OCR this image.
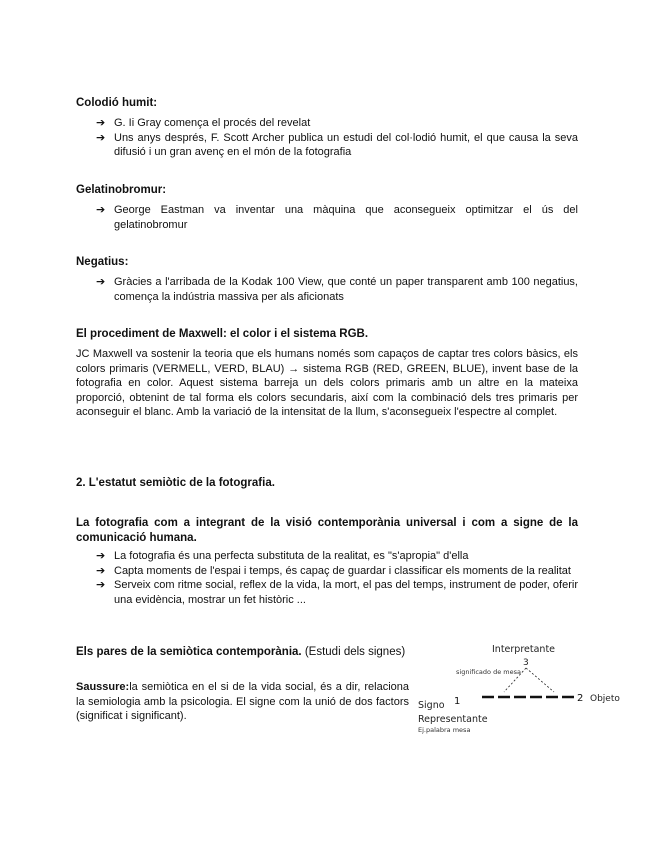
Colodió humit:

➔ G. Ii Gray comença el procés del revelat
➔ Uns anys després, F. Scott Archer publica un estudi del col·lodió humit, el que causa la seva difusió i un gran avenç en el món de la fotografia

Gelatinobromur:

➔ George Eastman va inventar una màquina que aconsegueix optimitzar el ús del gelatinobromur

Negatius:

➔ Gràcies a l'arribada de la Kodak 100 View, que conté un paper transparent amb 100 negatius, comença la indústria massiva per als aficionats

El procediment de Maxwell: el color i el sistema RGB.

JC Maxwell va sostenir la teoria que els humans només som capaços de captar tres colors bàsics, els colors primaris (VERMELL, VERD, BLAU) → sistema RGB (RED, GREEN, BLUE), invent base de la fotografia en color. Aquest sistema barreja un dels colors primaris amb un altre en la mateixa proporció, obtenint de tal forma els colors secundaris, així com la combinació dels tres primaris per aconseguir el blanc. Amb la variació de la intensitat de la llum, s'aconsegueix l'espectre al complet.

2. L'estatut semiòtic de la fotografia.

La fotografia com a integrant de la visió contemporània universal i com a signe de la comunicació humana.

➔ La fotografia és una perfecta substituta de la realitat, es "s'apropia" d'ella
➔ Capta moments de l'espai i temps, és capaç de guardar i classificar els moments de la realitat
➔ Serveix com ritme social, reflex de la vida, la mort, el pas del temps, instrument de poder, oferir una evidència, mostrar un fet històric ...

Els pares de la semiòtica contemporània. (Estudi dels signes)

Saussure:la semiòtica en el si de la vida social, és a dir, relaciona la semiologia amb la psicologia. El signe com la unió de dos factors (significat i significant).

Interpretante
3
significado de mesa
1	2 Objeto
Signo
Representante
Ej.palabra mesa
